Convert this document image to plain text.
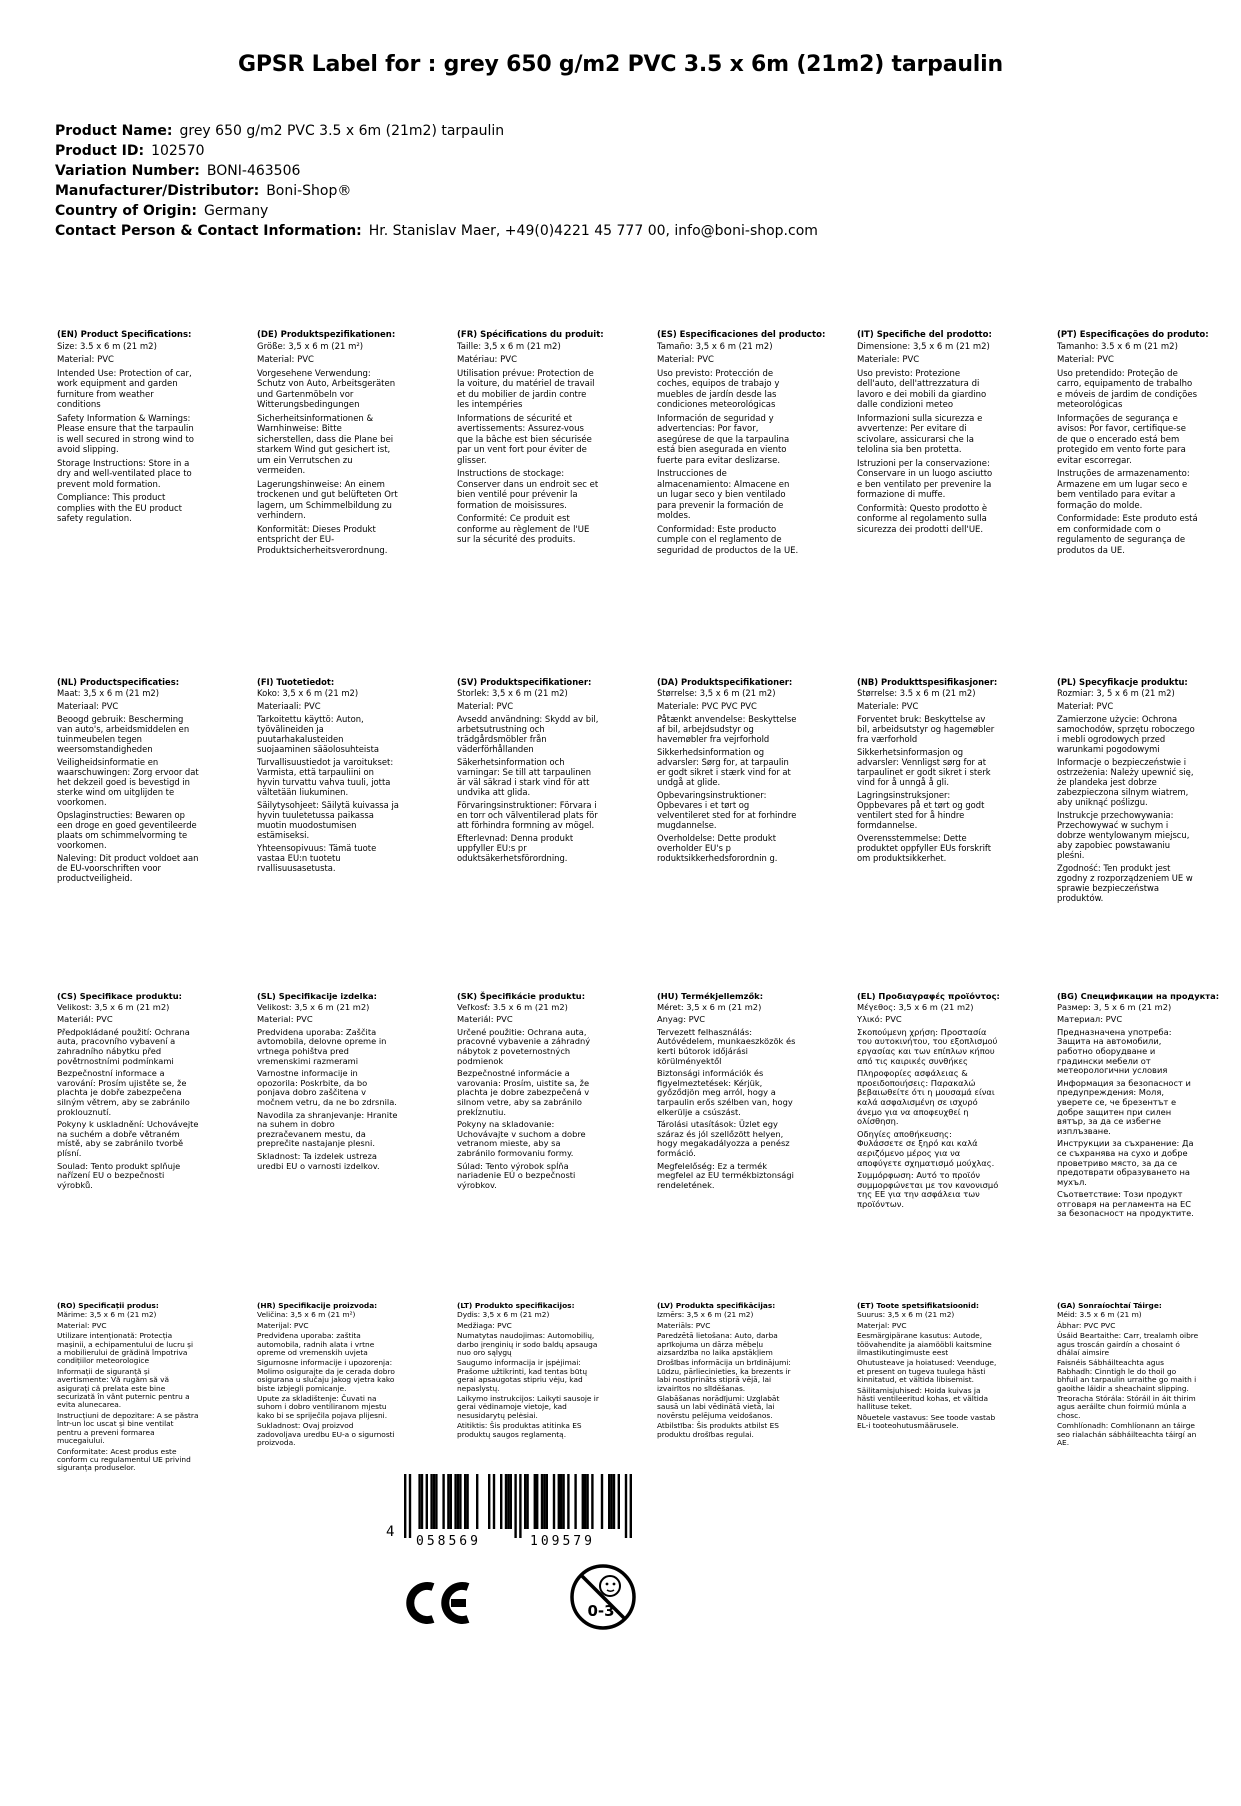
GPSR Label for : grey 650 g/m2 PVC 3.5 x 6m (21m2) tarpaulin
Product Name: grey 650 g/m2 PVC 3.5 x 6m (21m2) tarpaulin
Product ID: 102570
Variation Number: BONI-463506
Manufacturer/Distributor: Boni-Shop®
Country of Origin: Germany
Contact Person & Contact Information: Hr. Stanislav Maer, +49(0)4221 45 777 00, info@boni-shop.com
(EN) Product Specifications:

Size: 3.5 x 6 m (21 m2)

Material: PVC

Intended Use: Protection of car, work equipment and garden furniture from weather conditions

Safety Information & Warnings: Please ensure that the tarpaulin is well secured in strong wind to avoid slipping.

Storage Instructions: Store in a dry and well-ventilated place to prevent mold formation.

Compliance: This product complies with the EU product safety regulation.

(DE) Produktspezifikationen:

Größe: 3,5 x 6 m (21 m²)

Material: PVC

Vorgesehene Verwendung: Schutz von Auto, Arbeitsgeräten und Gartenmöbeln vor Witterungsbedingungen

Sicherheitsinformationen & Warnhinweise: Bitte sicherstellen, dass die Plane bei starkem Wind gut gesichert ist, um ein Verrutschen zu vermeiden.

Lagerungshinweise: An einem trockenen und gut belüfteten Ort lagern, um Schimmelbildung zu verhindern.

Konformität: Dieses Produkt entspricht der EU-Produktsicherheitsverordnung.

(FR) Spécifications du produit:

Taille: 3,5 x 6 m (21 m2)

Matériau: PVC

Utilisation prévue: Protection de la voiture, du matériel de travail et du mobilier de jardin contre les intempéries

Informations de sécurité et avertissements: Assurez-vous que la bâche est bien sécurisée par un vent fort pour éviter de glisser.

Instructions de stockage: Conserver dans un endroit sec et bien ventilé pour prévenir la formation de moisissures.

Conformité: Ce produit est conforme au règlement de l'UE sur la sécurité des produits.

(ES) Especificaciones del producto:

Tamaño: 3,5 x 6 m (21 m2)

Material: PVC

Uso previsto: Protección de coches, equipos de trabajo y muebles de jardín desde las condiciones meteorológicas

Información de seguridad y advertencias: Por favor, asegúrese de que la tarpaulina está bien asegurada en viento fuerte para evitar deslizarse.

Instrucciones de almacenamiento: Almacene en un lugar seco y bien ventilado para prevenir la formación de moldes.

Conformidad: Este producto cumple con el reglamento de seguridad de productos de la UE.

(IT) Specifiche del prodotto:

Dimensione: 3,5 x 6 m (21 m2)

Materiale: PVC

Uso previsto: Protezione dell'auto, dell'attrezzatura di lavoro e dei mobili da giardino dalle condizioni meteo

Informazioni sulla sicurezza e avvertenze: Per evitare di scivolare, assicurarsi che la telolina sia ben protetta.

Istruzioni per la conservazione: Conservare in un luogo asciutto e ben ventilato per prevenire la formazione di muffe.

Conformità: Questo prodotto è conforme al regolamento sulla sicurezza dei prodotti dell'UE.

(PT) Especificações do produto:

Tamanho: 3.5 x 6 m (21 m2)

Material: PVC

Uso pretendido: Proteção de carro, equipamento de trabalho e móveis de jardim de condições meteorológicas

Informações de segurança e avisos: Por favor, certifique-se de que o encerado está bem protegido em vento forte para evitar escorregar.

Instruções de armazenamento: Armazene em um lugar seco e bem ventilado para evitar a formação do molde.

Conformidade: Este produto está em conformidade com o regulamento de segurança de produtos da UE.

(NL) Productspecificaties:

Maat: 3,5 x 6 m (21 m2)

Materiaal: PVC

Beoogd gebruik: Bescherming van auto's, arbeidsmiddelen en tuinmeubelen tegen weersomstandigheden

Veiligheidsinformatie en waarschuwingen: Zorg ervoor dat het dekzeil goed is bevestigd in sterke wind om uitglijden te voorkomen.

Opslaginstructies: Bewaren op een droge en goed geventileerde plaats om schimmelvorming te voorkomen.

Naleving: Dit product voldoet aan de EU-voorschriften voor productveiligheid.

(FI) Tuotetiedot:

Koko: 3,5 x 6 m (21 m2)

Materiaali: PVC

Tarkoitettu käyttö: Auton, työvälineiden ja puutarhakalusteiden suojaaminen sääolosuhteista

Turvallisuustiedot ja varoitukset: Varmista, että tarpauliini on hyvin turvattu vahva tuuli, jotta vältetään liukuminen.

Säilytysohjeet: Säilytä kuivassa ja hyvin tuuletetussa paikassa muotin muodostumisen estämiseksi.

Yhteensopivuus: Tämä tuote vastaa EU:n tuotetu rvallisuusasetusta.

(SV) Produktspecifikationer:

Storlek: 3,5 x 6 m (21 m2)

Material: PVC

Avsedd användning: Skydd av bil, arbetsutrustning och trädgårdsmöbler från väderförhållanden

Säkerhetsinformation och varningar: Se till att tarpaulinen är väl säkrad i stark vind för att undvika att glida.

Förvaringsinstruktioner: Förvara i en torr och välventilerad plats för att förhindra formning av mögel.

Efterlevnad: Denna produkt uppfyller EU:s pr oduktsäkerhetsförordning.

(DA) Produktspecifikationer:

Størrelse: 3,5 x 6 m (21 m2)

Materiale: PVC PVC PVC

Påtænkt anvendelse: Beskyttelse af bil, arbejdsudstyr og havemøbler fra vejrforhold

Sikkerhedsinformation og advarsler: Sørg for, at tarpaulin er godt sikret i stærk vind for at undgå at glide.

Opbevaringsinstruktioner: Opbevares i et tørt og velventileret sted for at forhindre mugdannelse.

Overholdelse: Dette produkt overholder EU's p roduktsikkerhedsforordnin g.

(NB) Produkttspesifikasjoner:

Størrelse: 3.5 x 6 m (21 m2)

Materiale: PVC

Forventet bruk: Beskyttelse av bil, arbeidsutstyr og hagemøbler fra værforhold

Sikkerhetsinformasjon og advarsler: Vennligst sørg for at tarpaulinet er godt sikret i sterk vind for å unngå å gli.

Lagringsinstruksjoner: Oppbevares på et tørt og godt ventilert sted for å hindre formdannelse.

Overensstemmelse: Dette produktet oppfyller EUs forskrift om produktsikkerhet.

(PL) Specyfikacje produktu:

Rozmiar: 3, 5 x 6 m (21 m2)

Materiał: PVC

Zamierzone użycie: Ochrona samochodów, sprzętu roboczego i mebli ogrodowych przed warunkami pogodowymi

Informacje o bezpieczeństwie i ostrzeżenia: Należy upewnić się, że plandeka jest dobrze zabezpieczona silnym wiatrem, aby uniknąć poślizgu.

Instrukcje przechowywania: Przechowywać w suchym i dobrze wentylowanym miejscu, aby zapobiec powstawaniu pleśni.

Zgodność: Ten produkt jest zgodny z rozporządzeniem UE w sprawie bezpieczeństwa produktów.

(CS) Specifikace produktu:

Velikost: 3,5 x 6 m (21 m2)

Materiál: PVC

Předpokládané použití: Ochrana auta, pracovního vybavení a zahradního nábytku před povětrnostními podmínkami

Bezpečnostní informace a varování: Prosím ujistěte se, že plachta je dobře zabezpečena silným větrem, aby se zabránilo proklouznutí.

Pokyny k uskladnění: Uchovávejte na suchém a dobře větraném místě, aby se zabránilo tvorbě plísní.

Soulad: Tento produkt splňuje nařízení EU o bezpečnosti výrobků.

(SL) Specifikacije izdelka:

Velikost: 3,5 x 6 m (21 m2)

Material: PVC

Predvidena uporaba: Zaščita avtomobila, delovne opreme in vrtnega pohištva pred vremenskimi razmerami

Varnostne informacije in opozorila: Poskrbite, da bo ponjava dobro zaščitena v močnem vetru, da ne bo zdrsnila.

Navodila za shranjevanje: Hranite na suhem in dobro prezračevanem mestu, da preprečite nastajanje plesni.

Skladnost: Ta izdelek ustreza uredbi EU o varnosti izdelkov.

(SK) Špecifikácie produktu:

Veľkosť: 3.5 x 6 m (21 m2)

Materiál: PVC

Určené použitie: Ochrana auta, pracovné vybavenie a záhradný nábytok z poveternostných podmienok

Bezpečnostné informácie a varovania: Prosím, uistite sa, že plachta je dobre zabezpečená v silnom vetre, aby sa zabránilo prekĺznutiu.

Pokyny na skladovanie: Uchovávajte v suchom a dobre vetranom mieste, aby sa zabránilo formovaniu formy.

Súlad: Tento výrobok spĺňa nariadenie EÚ o bezpečnosti výrobkov.

(HU) Termékjellemzők:

Méret: 3,5 x 6 m (21 m2)

Anyag: PVC

Tervezett felhasználás: Autóvédelem, munkaeszközök és kerti bútorok időjárási körülményektől

Biztonsági információk és figyelmeztetések: Kérjük, győződjön meg arról, hogy a tarpaulin erős szélben van, hogy elkerülje a csúszást.

Tárolási utasítások: Üzlet egy száraz és jól szellőzött helyen, hogy megakadályozza a penész formáció.

Megfelelőség: Ez a termék megfelel az EU termékbiztonsági rendeletének.

(EL) Προδιαγραφές προϊόντος:

Μέγεθος: 3,5 x 6 m (21 m2)

Υλικό: PVC

Σκοπούμενη χρήση: Προστασία του αυτοκινήτου, του εξοπλισμού εργασίας και των επίπλων κήπου από τις καιρικές συνθήκες

Πληροφορίες ασφάλειας & προειδοποιήσεις: Παρακαλώ βεβαιωθείτε ότι η μουσαμά είναι καλά ασφαλισμένη σε ισχυρό άνεμο για να αποφευχθεί η ολίσθηση.

Οδηγίες αποθήκευσης: Φυλάσσετε σε ξηρό και καλά αεριζόμενο μέρος για να αποφύγετε σχηματισμό μούχλας.

Συμμόρφωση: Αυτό το προϊόν συμμορφώνεται με τον κανονισμό της ΕΕ για την ασφάλεια των προϊόντων.

(BG) Спецификации на продукта:

Размер: 3, 5 x 6 m (21 m2)

Материал: PVC

Предназначена употреба: Защита на автомобили, работно оборудване и градински мебели от метеорологични условия

Информация за безопасност и предупреждения: Моля, уверете се, че брезентът е добре защитен при силен вятър, за да се избегне изплъзване.

Инструкции за съхранение: Да се съхранява на сухо и добре проветриво място, за да се предотврати образуването на мухъл.

Съответствие: Този продукт отговаря на регламента на ЕС за безопасност на продуктите.

(RO) Specificații produs:

Mărime: 3,5 x 6 m (21 m2)

Material: PVC

Utilizare intenționată: Protecția mașinii, a echipamentului de lucru și a mobilierului de grădină împotriva condițiilor meteorologice

Informații de siguranță și avertismente: Vă rugăm să vă asigurați că prelata este bine securizată în vânt puternic pentru a evita alunecarea.

Instrucțiuni de depozitare: A se păstra într-un loc uscat și bine ventilat pentru a preveni formarea mucegaiului.

Conformitate: Acest produs este conform cu regulamentul UE privind siguranța produselor.

(HR) Specifikacije proizvoda:

Veličina: 3,5 x 6 m (21 m²)

Materijal: PVC

Predviđena uporaba: zaštita automobila, radnih alata i vrtne opreme od vremenskih uvjeta

Sigurnosne informacije i upozorenja: Molimo osigurajte da je cerada dobro osigurana u slučaju jakog vjetra kako biste izbjegli pomicanje.

Upute za skladištenje: Čuvati na suhom i dobro ventiliranom mjestu kako bi se spriječila pojava plijesni.

Sukladnost: Ovaj proizvod zadovoljava uredbu EU-a o sigurnosti proizvoda.

(LT) Produkto specifikacijos:

Dydis: 3,5 x 6 m (21 m2)

Medžiaga: PVC

Numatytas naudojimas: Automobilių, darbo įrenginių ir sodo baldų apsauga nuo oro sąlygų

Saugumo informacija ir įspėjimai: Prašome užtikrinti, kad tentas būtų gerai apsaugotas stipriu vėju, kad nepaslystų.

Laikymo instrukcijos: Laikyti sausoje ir gerai vėdinamoje vietoje, kad nesusidarytų pelėsiai.

Atitiktis: Šis produktas atitinka ES produktų saugos reglamentą.

(LV) Produkta specifikācijas:

Izmērs: 3,5 x 6 m (21 m2)

Materiāls: PVC

Paredzētā lietošana: Auto, darba aprīkojuma un dārza mēbeļu aizsardzība no laika apstākļiem

Drošības informācija un brīdinājumi: Lūdzu, pārliecinieties, ka brezents ir labi nostiprināts stiprā vējā, lai izvairītos no slīdēšanas.

Glabāšanas norādījumi: Uzglabāt sausā un labi vēdinātā vietā, lai novērstu pelējuma veidošanos.

Atbilstība: Šis produkts atbilst ES produktu drošības regulai.

(ET) Toote spetsifikatsioonid:

Suurus: 3,5 x 6 m (21 m2)

Materjal: PVC

Eesmärgipärane kasutus: Autode, töövahendite ja aiamööbli kaitsmine ilmastikutingimuste eest

Ohutusteave ja hoiatused: Veenduge, et present on tugeva tuulega hästi kinnitatud, et vältida libisemist.

Säilitamisjuhised: Hoida kuivas ja hästi ventileeritud kohas, et vältida hallituse teket.

Nõuetele vastavus: See toode vastab EL-i tooteohutusmäärusele.

(GA) Sonraíochtaí Táirge:

Méid: 3.5 x 6 m (21 m)

Ábhar: PVC PVC

Úsáid Beartaithe: Carr, trealamh oibre agus troscán gairdín a chosaint ó dhálaí aimsire

Faisnéis Sábháilteachta agus Rabhadh: Cinntigh le do thoil go bhfuil an tarpaulin urraithe go maith i gaoithe láidir a sheachaint slipping.

Treoracha Stórála: Stóráil in áit thirim agus aeráilte chun foirmiú múnla a chosc.

Comhlíonadh: Comhlíonann an táirge seo rialachán sábháilteachta táirgí an AE.

4
058569	109579
0-3
